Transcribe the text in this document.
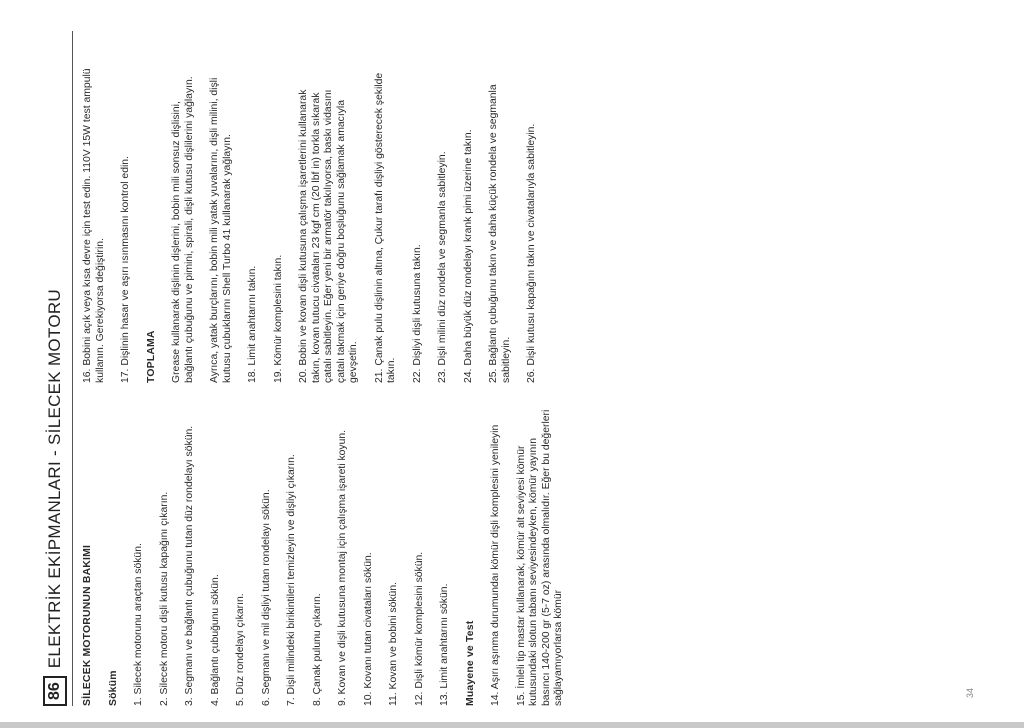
86
ELEKTRİK EKİPMANLARI - SİLECEK MOTORU SİLECEK MOTORUNUN BAKIMI Söküm 1. Silecek motorunu araçtan sökün. 2. Silecek motoru dişli kutusu kapağını çıkarın. 3. Segmanı ve bağlantı çubuğunu tutan düz rondelayı sökün. 4. Bağlantı çubuğunu sökün. 5. Düz rondelayı çıkarın. 6. Segmanı ve mil dişliyi tutan rondelayı sökün. 7. Dişli milindeki birikintileri temizleyin ve dişliyi çıkarın. 8. Çanak pulunu çıkarın. 9. Kovan ve dişli kutusuna montaj için çalışma işareti koyun. 10. Kovanı tutan civataları sökün. 11. Kovan ve bobini sökün. 12. Dişli kömür komplesini sökün. 13. Limit anahtarını sökün. Muayene ve Test 14. Aşırı aşınma durumundaı kömür dişli komplesini yenileyin 15. İmleli tip mastar kullanarak, kömür alt seviyesi kömür kutusundaki slotun tabanı seviyesindeyken, kömür yayının basıncı 140-200 gr (5-7 oz) arasında olmalıdır. Eğer bu değerleri sağlayamıyorlarsa kömür
16. Bobini açık veya kısa devre için test edin. 110V 15W test ampulü kullanın. Gerekiyorsa değiştirin. 17. Dişlinin hasar ve aşırı ısınmasını kontrol edin. TOPLAMA Grease kullanarak dişlinin dişlerini, bobin mili sonsuz dişlisini, bağlantı çubuğunu ve pimini, spirali, dişli kutusu dişlilerini yağlayın. Ayrıca, yatak burçlarını, bobin mili yatak yuvalarını, dişli milini, dişli kutusu çubuklarını Shell Turbo 41 kullanarak yağlayın. 18. Limit anahtarını takın. 19. Kömür komplesini takın. 20. Bobin ve kovan dişli kutusuna çalışma işaretlerini kullanarak takın, kovan tutucu civataları 23 kgf cm (20 lbf in) torkla sıkarak çatalı sabitleyin. Eğer yeni bir armatör takılıyorsa, baskı vidasını çatalı takmak için geriye doğru boşluğunu sağlamak amacıyla gevşetin. 21. Çanak pulu dişlinin altına, Çukur tarafı dişliyi gösterecek şekilde takın. 22. Dişliyi dişli kutusuna takın. 23. Dişli milini düz rondela ve segmanla sabitleyin. 24. Daha büyük düz rondelayı krank pimi üzerine takın. 25. Bağlantı çubuğunu takın ve daha küçük rondela ve segmanla sabitleyin. 26. Dişli kutusu kapağını takın ve civatalarıyla sabitleyin.
34
